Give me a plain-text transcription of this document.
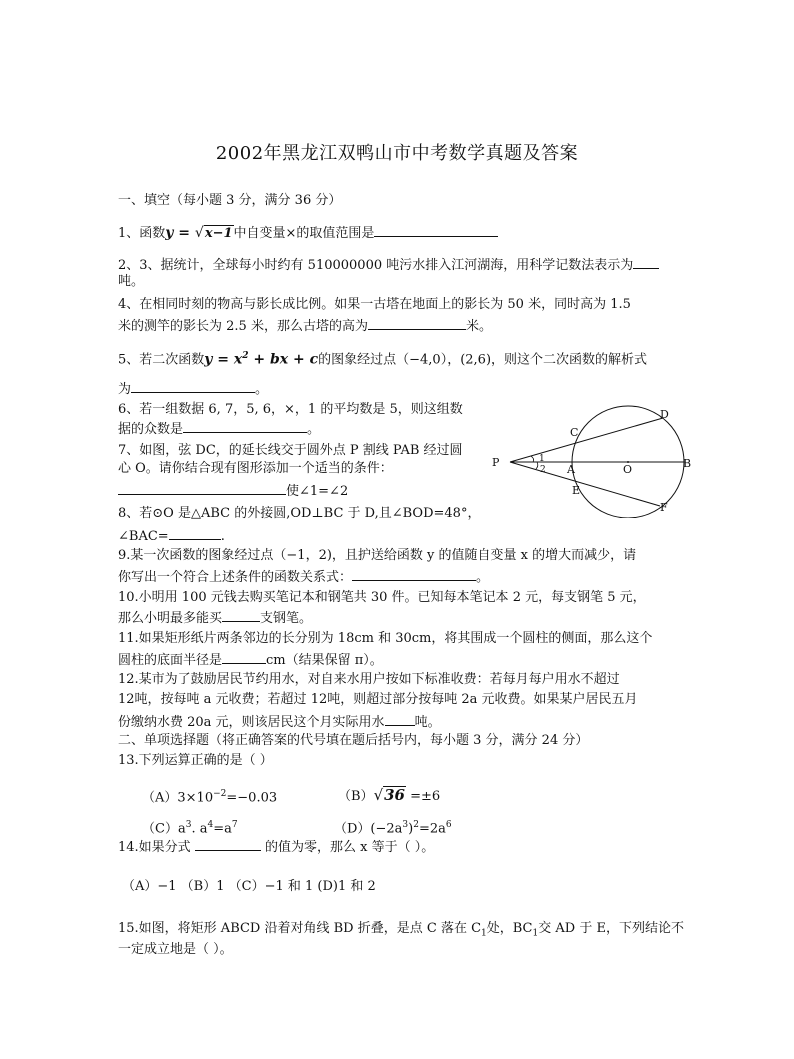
2002年黑龙江双鸭山市中考数学真题及答案
一、填空（每小题 3 分，满分 36 分）
1、函数y = √x−1中自变量×的取值范围是
2、3、据统计，全球每小时约有 510000000 吨污水排入江河湖海，用科学记数法表示为
吨。
4、在相同时刻的物高与影长成比例。如果一古塔在地面上的影长为 50 米，同时高为 1.5
米的测竿的影长为 2.5 米，那么古塔的高为	米。
5、若二次函数$y = x^2$ + bx + c的图象经过点（−4,0），(2,6)，则这个二次函数的解析式
为	。
6、若一组数据 6, 7，5, 6，×，1 的平均数是 5，则这组数
据的众数是	。
7、如图，弦 DC，的延长线交于圆外点 P 割线 PAB 经过圆
心 O。请你结合现有图形添加一个适当的条件：
使∠1=∠2
8、若⊙O 是△ABC 的外接圆,OD⊥BC 于 D,且∠BOD=48°，
∠BAC=	.
9.某一次函数的图象经过点（−1，2)，且护送给函数 y 的值随自变量 x 的增大而减少，请
你写出一个符合上述条件的函数关系式：	。
10.小明用 100 元钱去购买笔记本和钢笔共 30 件。已知每本笔记本 2 元，每支钢笔 5 元，
那么小明最多能买	支钢笔。
11.如果矩形纸片两条邻边的长分别为 18cm 和 30cm，将其围成一个圆柱的侧面，那么这个
圆柱的底面半径是	cm（结果保留 π）。
12.某市为了鼓励居民节约用水，对自来水用户按如下标准收费：若每月每户用水不超过
12吨，按每吨 a 元收费；若超过 12吨，则超过部分按每吨 2a 元收费。如果某户居民五月
份缴纳水费 20a 元，则该居民这个月实际用水 吨。
二、单项选择题（将正确答案的代号填在题后括号内，每小题 3 分，满分 24 分）
13.下列运算正确的是（ ）
$(A)3\times 10^{-2}=-0.03$	（B）√36 =±6
$(C)a^3$. $a^4=a^7$	$(D)(-2a^3)^2=2a^6$
14.如果分式	的值为零，那么 x 等于（ ）。
（A）−1 （B）1 （C）−1 和 1 (D)1 和 2
15.如图，将矩形 ABCD 沿着对角线 BD 折叠，是点 C 落在 $C_1$处，$BC_1$交 AD 于 E，下列结论不
一定成立地是（ ）。
P
C
D
A	O	B
E
F
1
2
